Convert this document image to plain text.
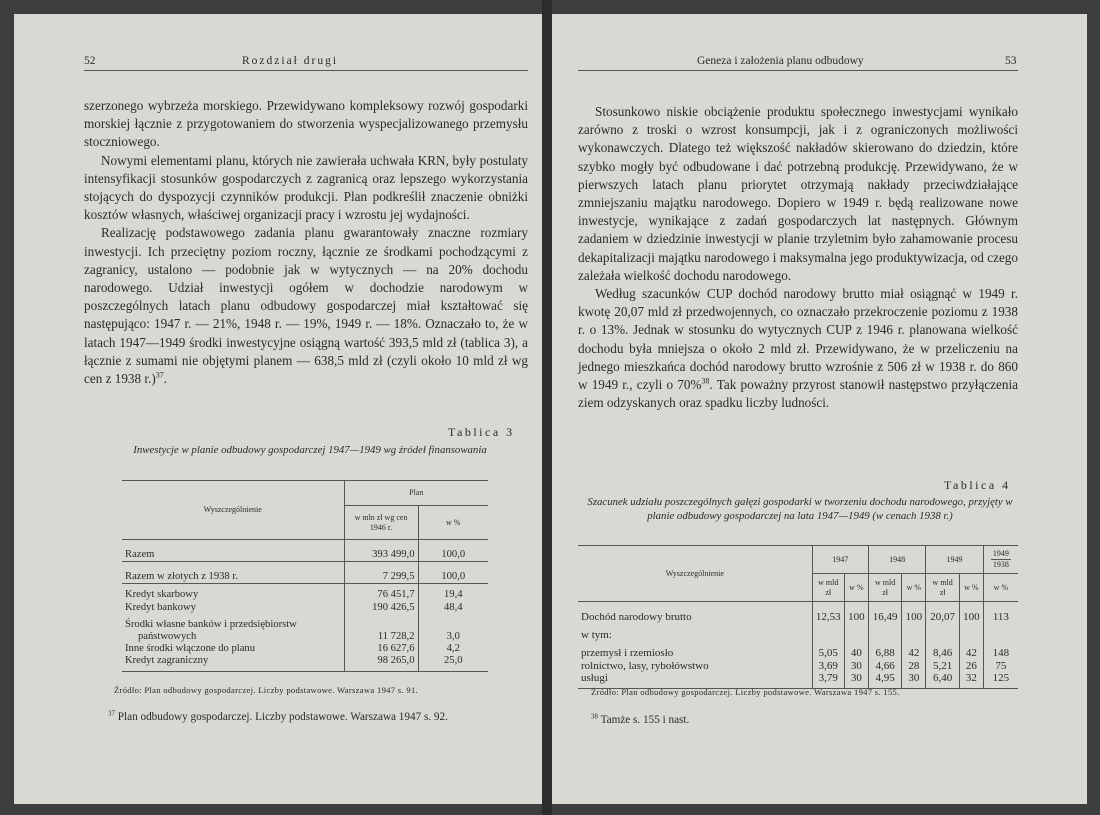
52	Rozdział drugi

szerzonego wybrzeża morskiego. Przewidywano kompleksowy rozwój gospodarki morskiej łącznie z przygotowaniem do stworzenia wyspecjalizowanego przemysłu stoczniowego.

Nowymi elementami planu, których nie zawierała uchwała KRN, były postulaty intensyfikacji stosunków gospodarczych z zagranicą oraz lepszego wykorzystania stojących do dyspozycji czynników produkcji. Plan podkreślił znaczenie obniżki kosztów własnych, właściwej organizacji pracy i wzrostu jej wydajności.

Realizację podstawowego zadania planu gwarantowały znaczne rozmiary inwestycji. Ich przeciętny poziom roczny, łącznie ze środkami pochodzącymi z zagranicy, ustalono — podobnie jak w wytycznych — na 20% dochodu narodowego. Udział inwestycji ogółem w dochodzie narodowym w poszczególnych latach planu odbudowy gospodarczej miał kształtować się następująco: 1947 r. — 21%, 1948 r. — 19%, 1949 r. — 18%. Oznaczało to, że w latach 1947—1949 środki inwestycyjne osiągną wartość 393,5 mld zł (tablica 3), a łącznie z sumami nie objętymi planem — 638,5 mld zł (czyli około 10 mld zł wg cen z 1938 r.)$^{37}$.

Tablica 3
Inwestycje w planie odbudowy gospodarczej 1947—1949 wg źródeł finansowania
Wyszczególnienie	Plan	
	w mln zł wg cen 1946 r.	w %
Razem	393 499,0	100,0
Razem w złotych z 1938 r.	7 299,5	100,0
Kredyt skarbowy	76 451,7	19,4
Kredyt bankowy	190 426,5	48,4
Środki własne banków i przedsiębiorstw		
państwowych	11 728,2	3,0
Inne środki włączone do planu	16 627,6	4,2
Kredyt zagraniczny	98 265,0	25,0
Źródło: Plan odbudowy gospodarczej. Liczby podstawowe. Warszawa 1947 s. 91.
$^{37}$ Plan odbudowy gospodarczej. Liczby podstawowe. Warszawa 1947 s. 92.
Geneza i założenia planu odbudowy	53

Stosunkowo niskie obciążenie produktu społecznego inwestycjami wynikało zarówno z troski o wzrost konsumpcji, jak i z ograniczonych możliwości wykonawczych. Dlatego też większość nakładów skierowano do dziedzin, które szybko mogły być odbudowane i dać potrzebną produkcję. Przewidywano, że w pierwszych latach planu priorytet otrzymają nakłady przeciwdziałające zmniejszaniu majątku narodowego. Dopiero w 1949 r. będą realizowane nowe inwestycje, wynikające z zadań gospodarczych lat następnych. Głównym zadaniem w dziedzinie inwestycji w planie trzyletnim było zahamowanie procesu dekapitalizacji majątku narodowego i maksymalna jego produktywizacja, od czego zależała wielkość dochodu narodowego.

Według szacunków CUP dochód narodowy brutto miał osiągnąć w 1949 r. kwotę 20,07 mld zł przedwojennych, co oznaczało przekroczenie poziomu z 1938 r. o 13%. Jednak w stosunku do wytycznych CUP z 1946 r. planowana wielkość dochodu była mniejsza o około 2 mld zł. Przewidywano, że w przeliczeniu na jednego mieszkańca dochód narodowy brutto wzrośnie z 506 zł w 1938 r. do 860 w 1949 r., czyli o 70%$^{38}$. Tak poważny przyrost stanowił następstwo przyłączenia ziem odzyskanych oraz spadku liczby ludności.

Tablica 4
Szacunek udziału poszczególnych gałęzi gospodarki w tworzeniu dochodu narodowego, przyjęty w planie odbudowy gospodarczej na lata 1947—1949 (w cenach 1938 r.)
Wyszczególnienie	1947		1948		1949		1949
1938

	w mld zł	w %	w mld zł	w %	w mld zł	w %	w %
Dochód narodowy brutto	12,53	100	16,49	100	20,07	100	113
w tym:							
przemysł i rzemiosło	5,05	40	6,88	42	8,46	42	148
rolnictwo, lasy, rybołówstwo	3,69	30	4,66	28	5,21	26	75
usługi	3,79	30	4,95	30	6,40	32	125
Źródło: Plan odbudowy gospodarczej. Liczby podstawowe. Warszawa 1947 s. 155.
$^{38}$ Tamże s. 155 i nast.
